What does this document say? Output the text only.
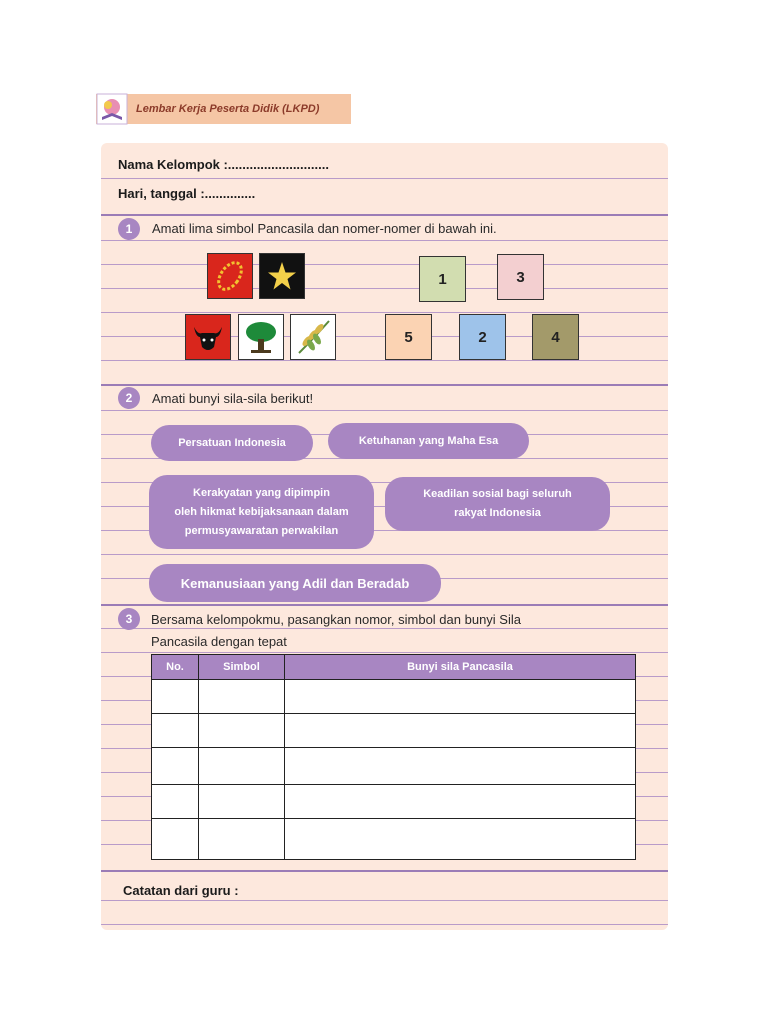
Lembar Kerja Peserta Didik (LKPD)
Nama Kelompok :............................
Hari, tanggal :..............
1	Amati lima simbol Pancasila dan nomer-nomer di bawah ini.
1	3
5	2	4
2	Amati bunyi sila-sila berikut!
Persatuan Indonesia	Ketuhanan yang Maha Esa
Kerakyatan yang dipimpin
oleh hikmat kebijaksanaan dalam
permusyawaratan perwakilan
Keadilan sosial bagi seluruh
rakyat Indonesia
Kemanusiaan yang Adil dan Beradab
3	Bersama kelompokmu, pasangkan nomor, simbol dan bunyi Sila
Pancasila dengan tepat
No.	Simbol	Bunyi sila Pancasila

Catatan dari guru :
